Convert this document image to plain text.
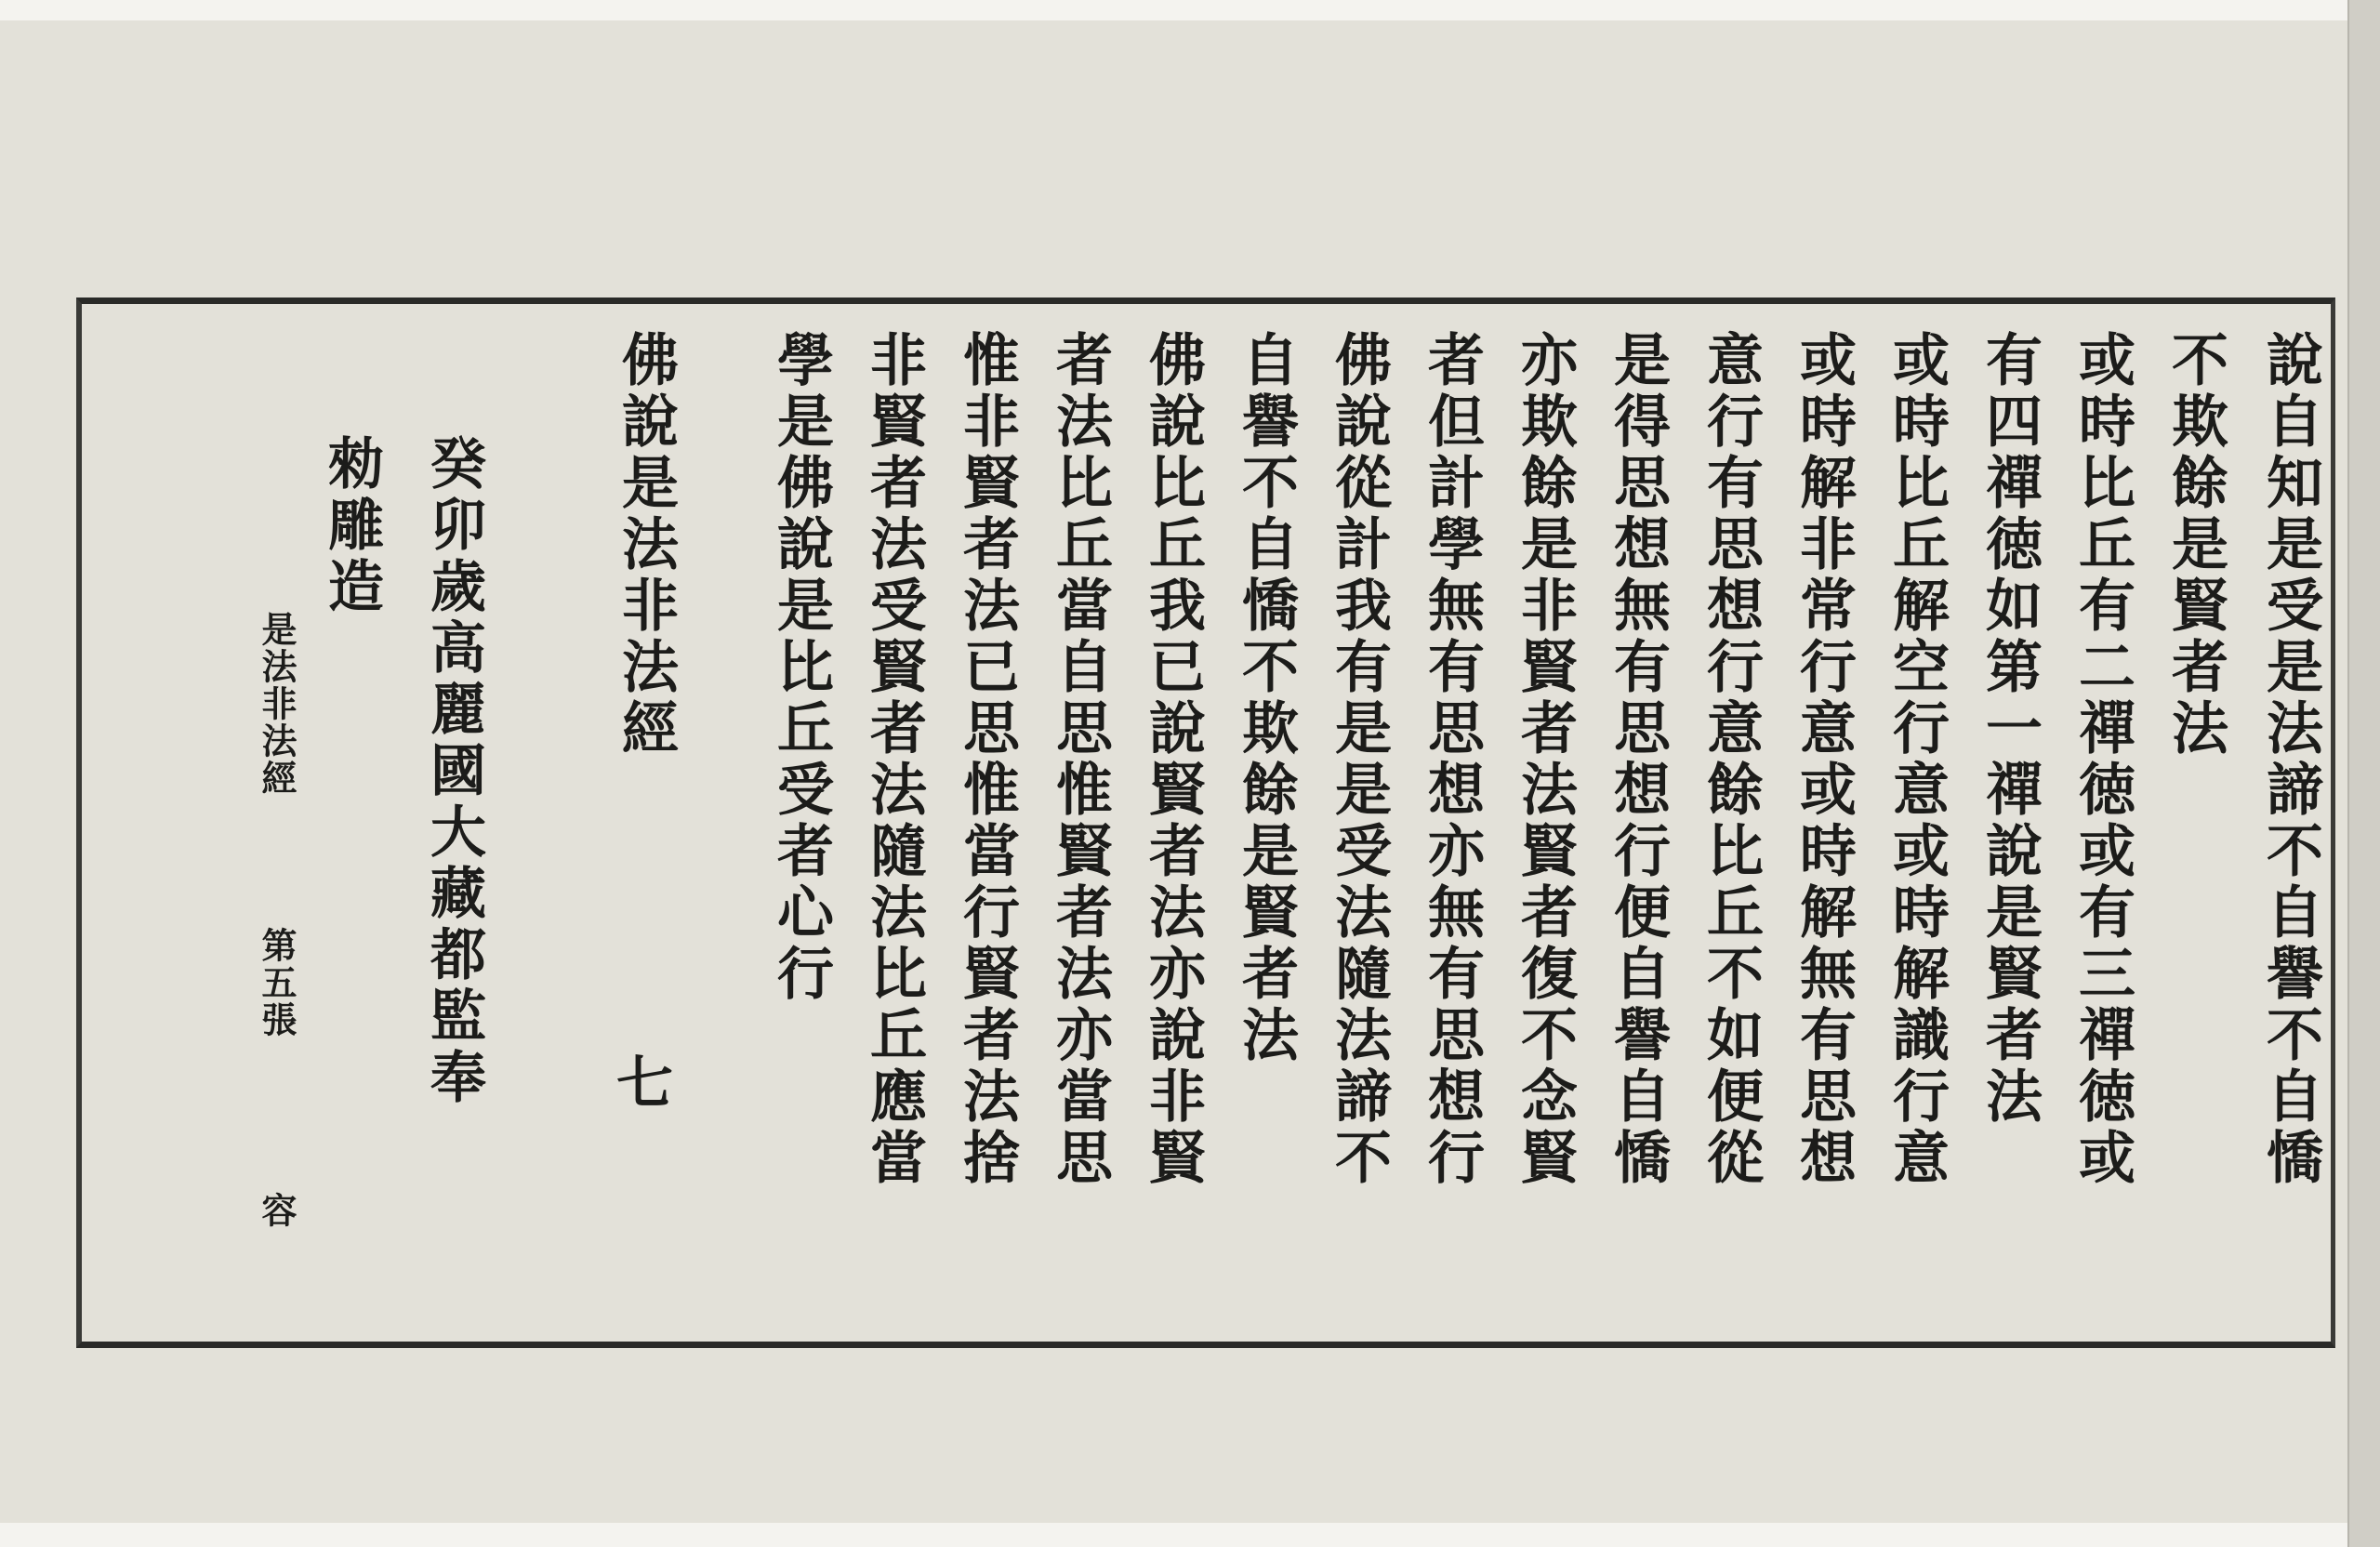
說自知是受是法諦不自譽不自憍
不欺餘是賢者法
或時比丘有二禪徳或有三禪徳或
有四禪徳如第一禪說是賢者法
或時比丘解空行意或時解識行意
或時解非常行意或時解無有思想
意行有思想行意餘比丘不如便從
是得思想無有思想行便自譽自憍
亦欺餘是非賢者法賢者復不念賢
者但計學無有思想亦無有思想行
佛說從計我有是是受法隨法諦不
自譽不自憍不欺餘是賢者法
佛說比丘我已說賢者法亦說非賢
者法比丘當自思惟賢者法亦當思
惟非賢者法已思惟當行賢者法捨
非賢者法受賢者法隨法比丘應當
學是佛說是比丘受者心行
佛說是法非法經
七
癸卯歲高麗國大藏都監奉
勑雕造
是法非法經
第五張
容
